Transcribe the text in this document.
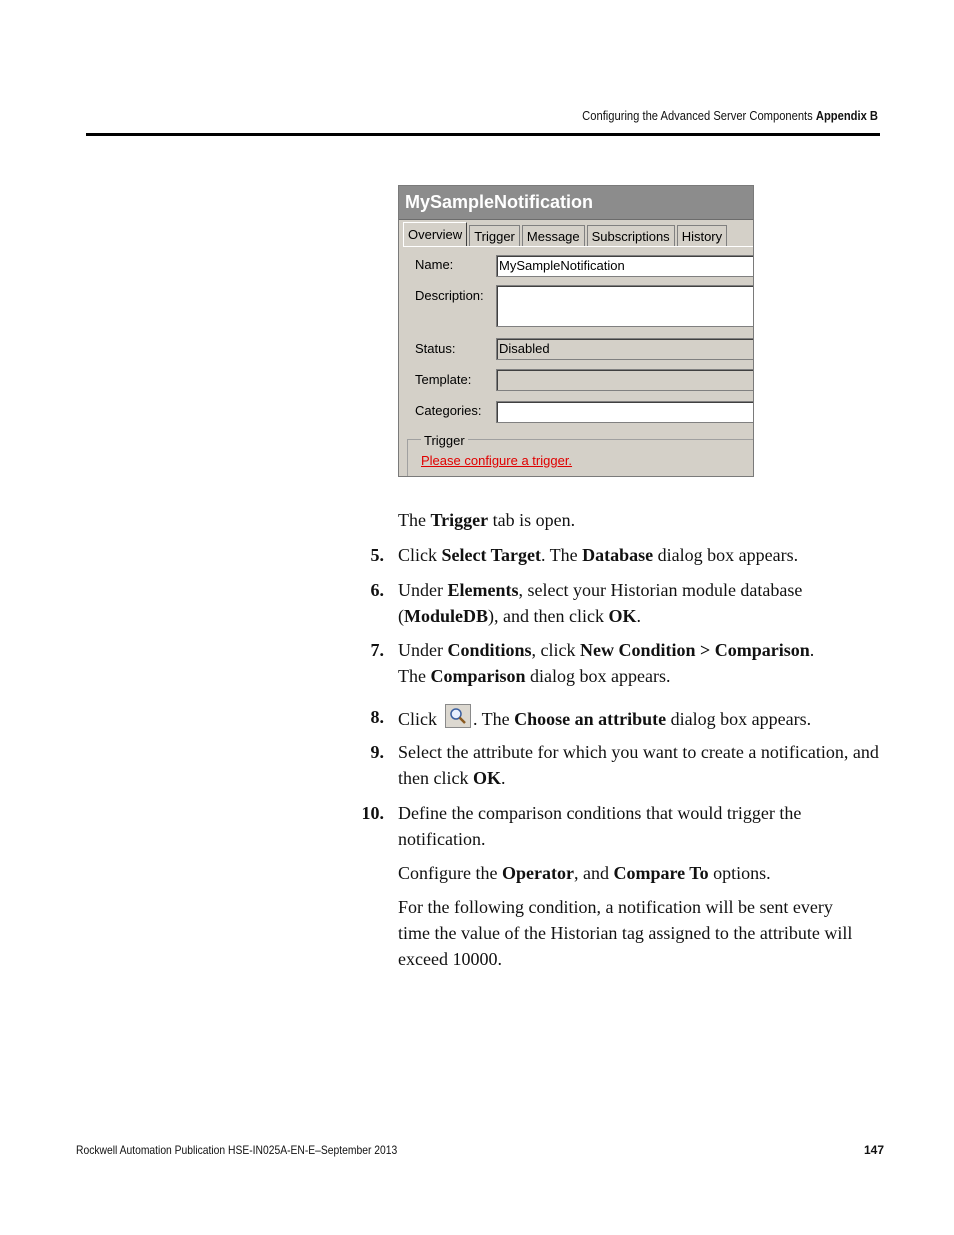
Configuring the Advanced Server Components Appendix B
MySampleNotification
Overview Trigger Message Subscriptions History
Name:	MySampleNotification
Description:
Status:	Disabled
Template:
Categories:
Trigger
Please configure a trigger.
The Trigger tab is open.
5. Click Select Target. The Database dialog box appears.
6. Under Elements, select your Historian module database (ModuleDB), and then click OK.
7. Under Conditions, click New Condition > Comparison.
The Comparison dialog box appears.
8. Click . The Choose an attribute dialog box appears.
9. Select the attribute for which you want to create a notification, and then click OK.
10. Define the comparison conditions that would trigger the notification.
Configure the Operator, and Compare To options.
For the following condition, a notification will be sent every time the value of the Historian tag assigned to the attribute will exceed 10000.
Rockwell Automation Publication HSE-IN025A-EN-E–September 2013	147
